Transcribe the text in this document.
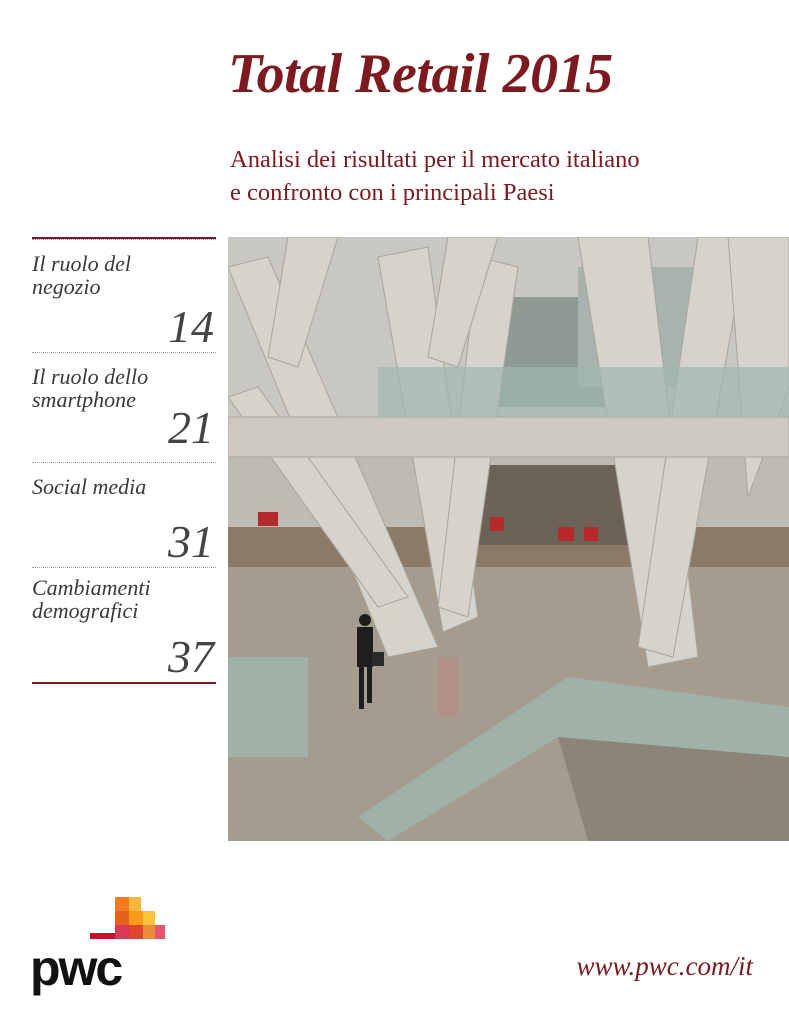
Total Retail 2015
Analisi dei risultati per il mercato italiano
e confronto con i principali Paesi
Il ruolo del
negozio
14
Il ruolo dello
smartphone
21
Social media
31
Cambiamenti
demografici
37
pwc	www.pwc.com/it
